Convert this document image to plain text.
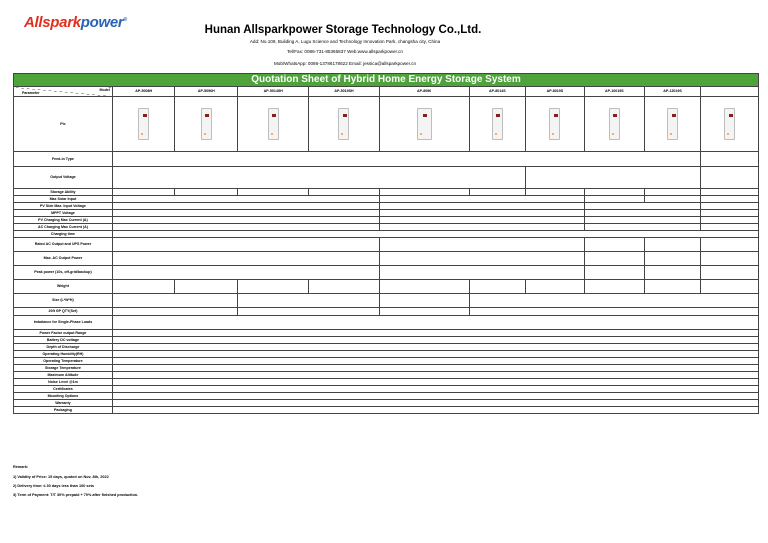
Allsparkpower®
Hunan Allsparkpower Storage Technology Co.,Ltd.
Add: No.109, Building A, Lugu Science and Technology Innovation Park, changsha city, China
Tel/Fax: 0086-731-85366837 Web:www.allsparkpower.cn
Mob/WhatsApp: 0086-13786178622 Email: jessica@allsparkpower.cn
Quotation Sheet of Hybrid Home Energy Storage System										

Model
Parameter	AP-5008H	AP-5096H	AP-5014SH	AP-5019SH	AP-8096	AP-8014S	AP-8019S	AP-10019S	AP-12019S	
Pic	

Feed-in Type										
Output Voltage										
Storage Ability										
Max Solar Input										
PV Side Max. Input Voltage										
MPPT Voltage										
PV Charging Max Current (A)										
AC Charging Max Current (A)										
Charging time										
Rated AC Output and UPS Power										
Max. AC Output Power										
Peak power (10s, off-grid/backup)										
Weight										
Size (L*W*H)										
20ft GP QTY(Set)										
Imbalance for Single-Phase Loads										
Power Factor output Range										
Battery DC voltage										
Depth of Discharge										
Operating Humidity(RH)										
Operating Temperature										
Storage Temperature										
Maximum Altitude										
Noise Level @1m										
Certificates										
Mounting Options										
Warranty										
Packaging										
Remark:
1) Validity of Price: 15 days, quoted on Nov. 8th, 2022
2) Delivery time: ≤ 30 days less than 100 sets
3) Term of Payment: T/T 30% prepaid + 70% after finished production.
